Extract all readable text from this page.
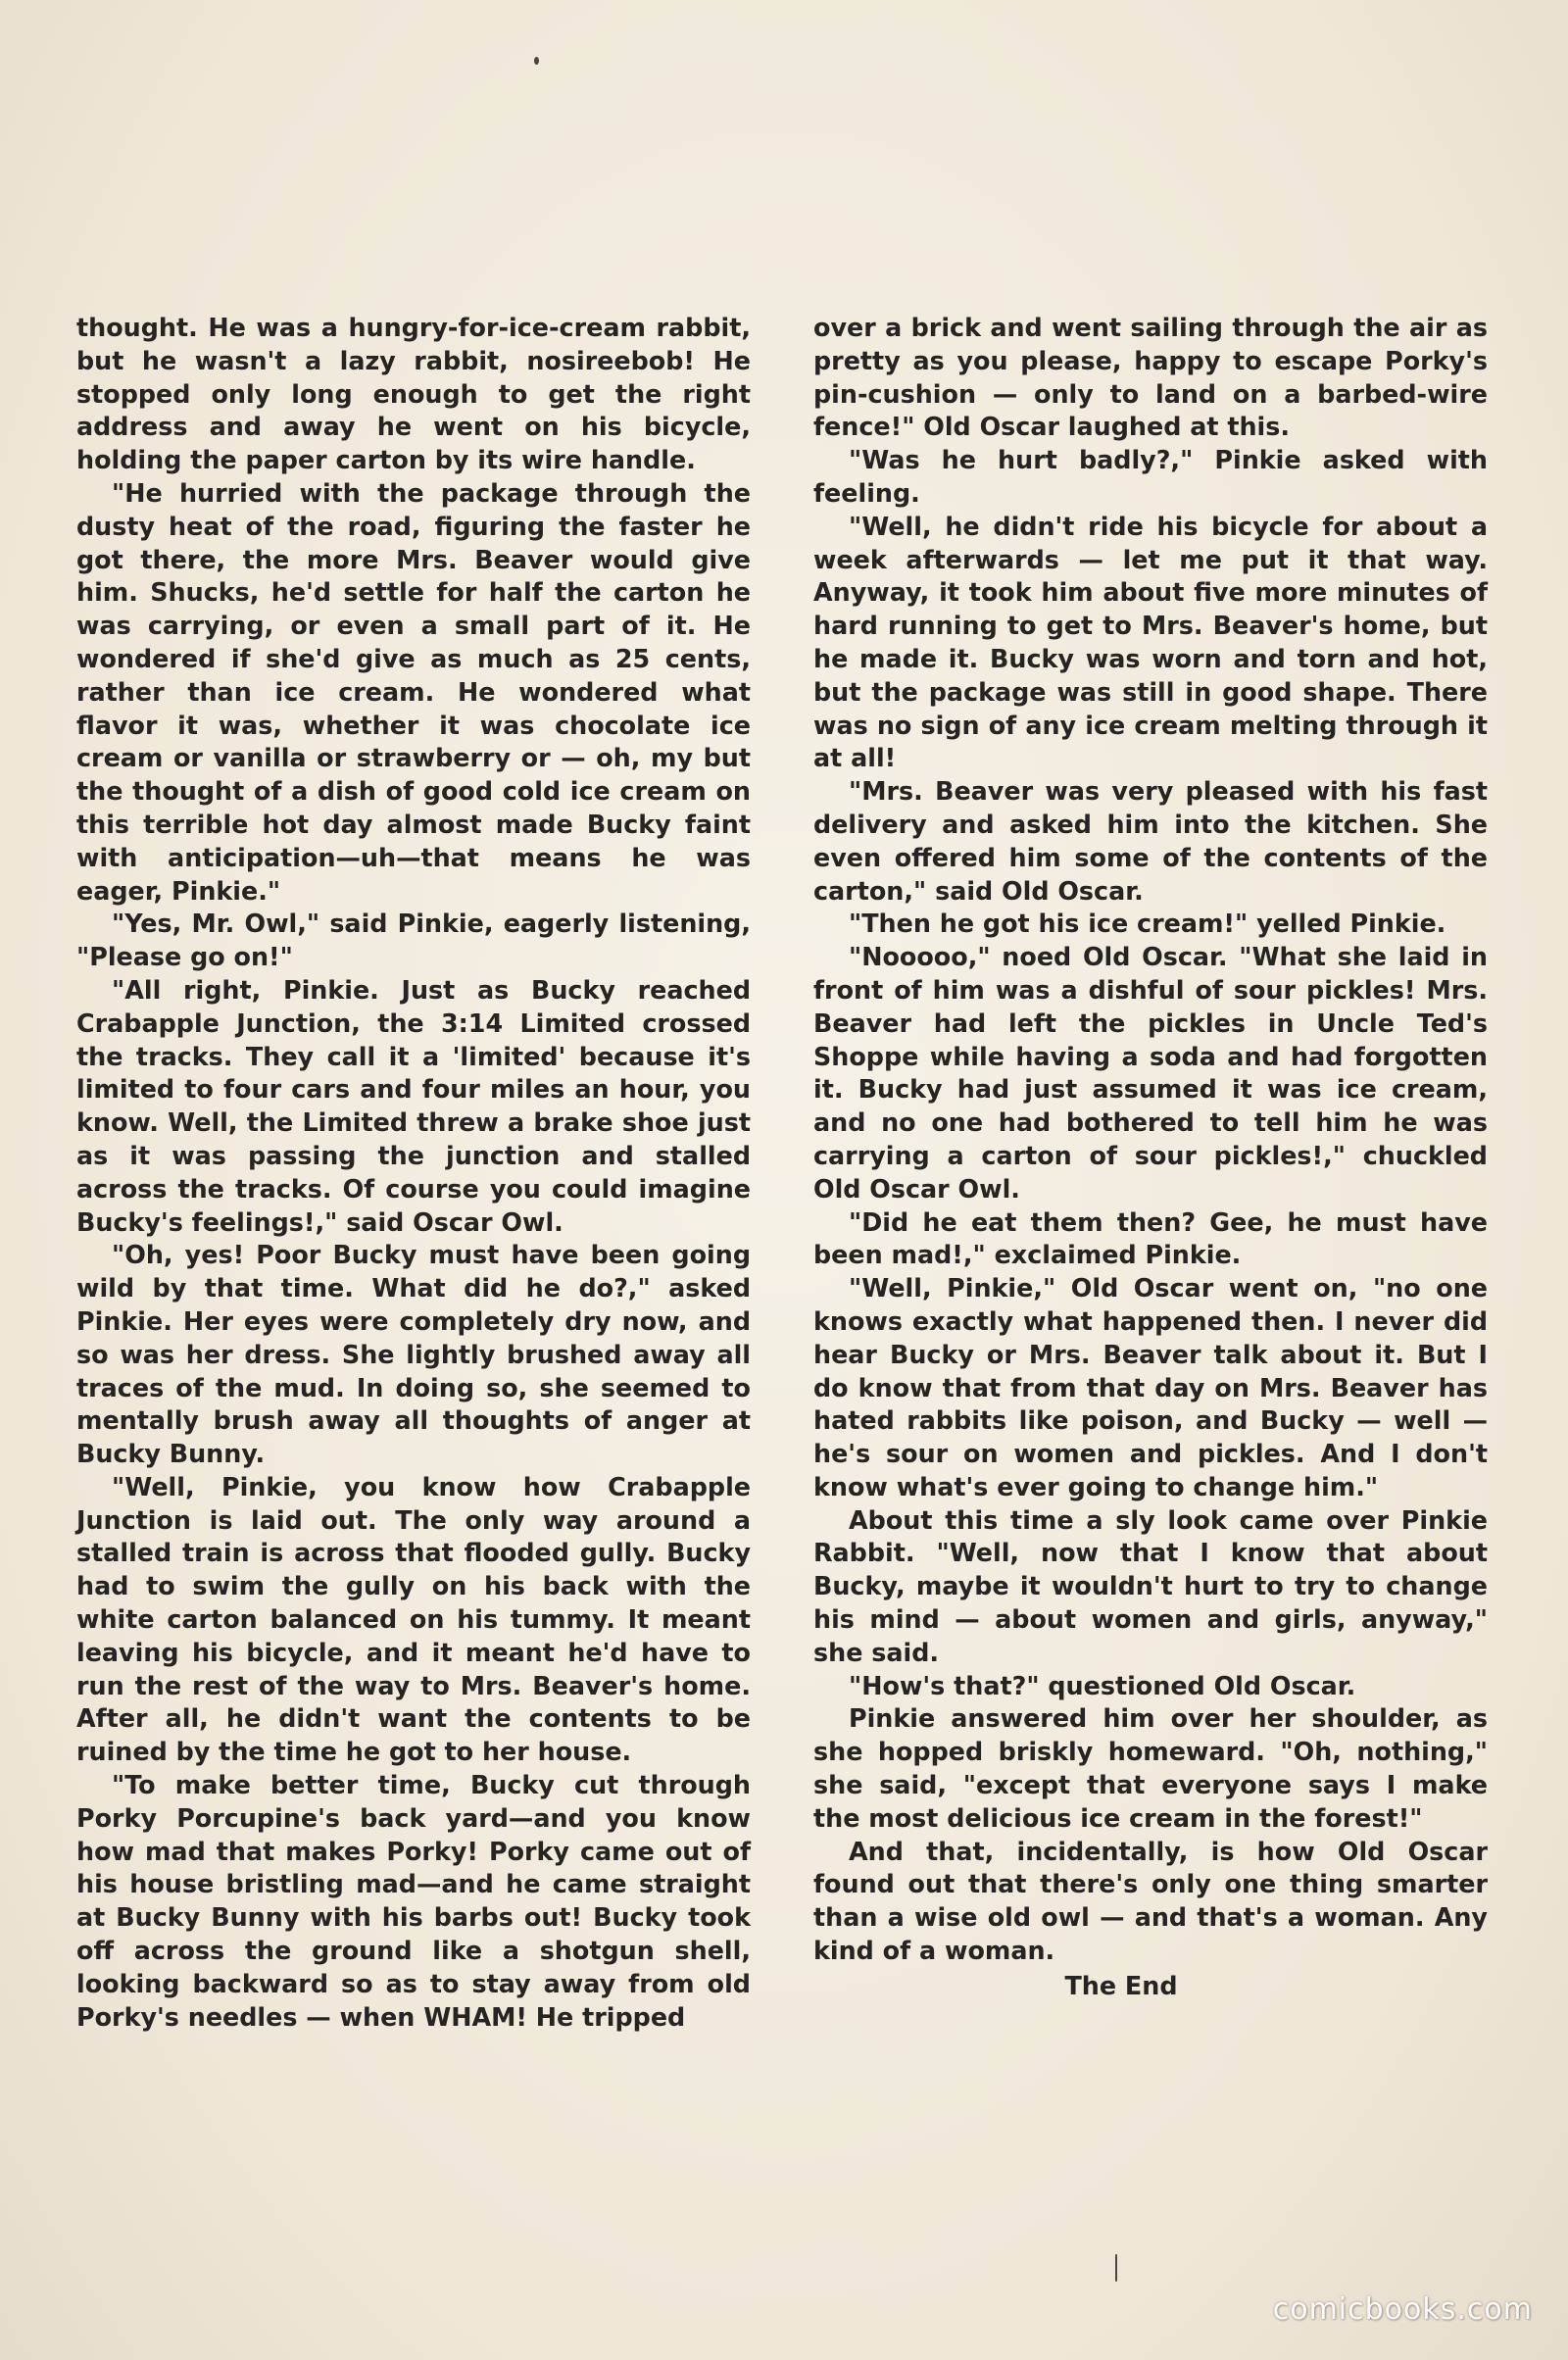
thought. He was a hungry-for-ice-cream rabbit, but he wasn't a lazy rabbit, nosireebob! He stopped only long enough to get the right address and away he went on his bicycle, holding the paper carton by its wire handle.

"He hurried with the package through the dusty heat of the road, figuring the faster he got there, the more Mrs. Beaver would give him. Shucks, he'd settle for half the carton he was carrying, or even a small part of it. He wondered if she'd give as much as 25 cents, rather than ice cream. He wondered what flavor it was, whether it was chocolate ice cream or vanilla or strawberry or — oh, my but the thought of a dish of good cold ice cream on this terrible hot day almost made Bucky faint with anticipation—uh—that means he was eager, Pinkie."

"Yes, Mr. Owl," said Pinkie, eagerly listening, "Please go on!"

"All right, Pinkie. Just as Bucky reached Crabapple Junction, the 3:14 Limited crossed the tracks. They call it a 'limited' because it's limited to four cars and four miles an hour, you know. Well, the Limited threw a brake shoe just as it was passing the junction and stalled across the tracks. Of course you could imagine Bucky's feelings!," said Oscar Owl.

"Oh, yes! Poor Bucky must have been going wild by that time. What did he do?," asked Pinkie. Her eyes were completely dry now, and so was her dress. She lightly brushed away all traces of the mud. In doing so, she seemed to mentally brush away all thoughts of anger at Bucky Bunny.

"Well, Pinkie, you know how Crabapple Junction is laid out. The only way around a stalled train is across that flooded gully. Bucky had to swim the gully on his back with the white carton balanced on his tummy. It meant leaving his bicycle, and it meant he'd have to run the rest of the way to Mrs. Beaver's home. After all, he didn't want the contents to be ruined by the time he got to her house.

"To make better time, Bucky cut through Porky Porcupine's back yard—and you know how mad that makes Porky! Porky came out of his house bristling mad—and he came straight at Bucky Bunny with his barbs out! Bucky took off across the ground like a shotgun shell, looking backward so as to stay away from old Porky's needles — when WHAM! He tripped

over a brick and went sailing through the air as pretty as you please, happy to escape Porky's pin-cushion — only to land on a barbed-wire fence!" Old Oscar laughed at this.

"Was he hurt badly?," Pinkie asked with feeling.

"Well, he didn't ride his bicycle for about a week afterwards — let me put it that way. Anyway, it took him about five more minutes of hard running to get to Mrs. Beaver's home, but he made it. Bucky was worn and torn and hot, but the package was still in good shape. There was no sign of any ice cream melting through it at all!

"Mrs. Beaver was very pleased with his fast delivery and asked him into the kitchen. She even offered him some of the contents of the carton," said Old Oscar.

"Then he got his ice cream!" yelled Pinkie.

"Nooooo," noed Old Oscar. "What she laid in front of him was a dishful of sour pickles! Mrs. Beaver had left the pickles in Uncle Ted's Shoppe while having a soda and had forgotten it. Bucky had just assumed it was ice cream, and no one had bothered to tell him he was carrying a carton of sour pickles!," chuckled Old Oscar Owl.

"Did he eat them then? Gee, he must have been mad!," exclaimed Pinkie.

"Well, Pinkie," Old Oscar went on, "no one knows exactly what happened then. I never did hear Bucky or Mrs. Beaver talk about it. But I do know that from that day on Mrs. Beaver has hated rabbits like poison, and Bucky — well — he's sour on women and pickles. And I don't know what's ever going to change him."

About this time a sly look came over Pinkie Rabbit. "Well, now that I know that about Bucky, maybe it wouldn't hurt to try to change his mind — about women and girls, anyway," she said.

"How's that?" questioned Old Oscar.

Pinkie answered him over her shoulder, as she hopped briskly homeward. "Oh, nothing," she said, "except that everyone says I make the most delicious ice cream in the forest!"

And that, incidentally, is how Old Oscar found out that there's only one thing smarter than a wise old owl — and that's a woman. Any kind of a woman.

The End

comicbooks.com
